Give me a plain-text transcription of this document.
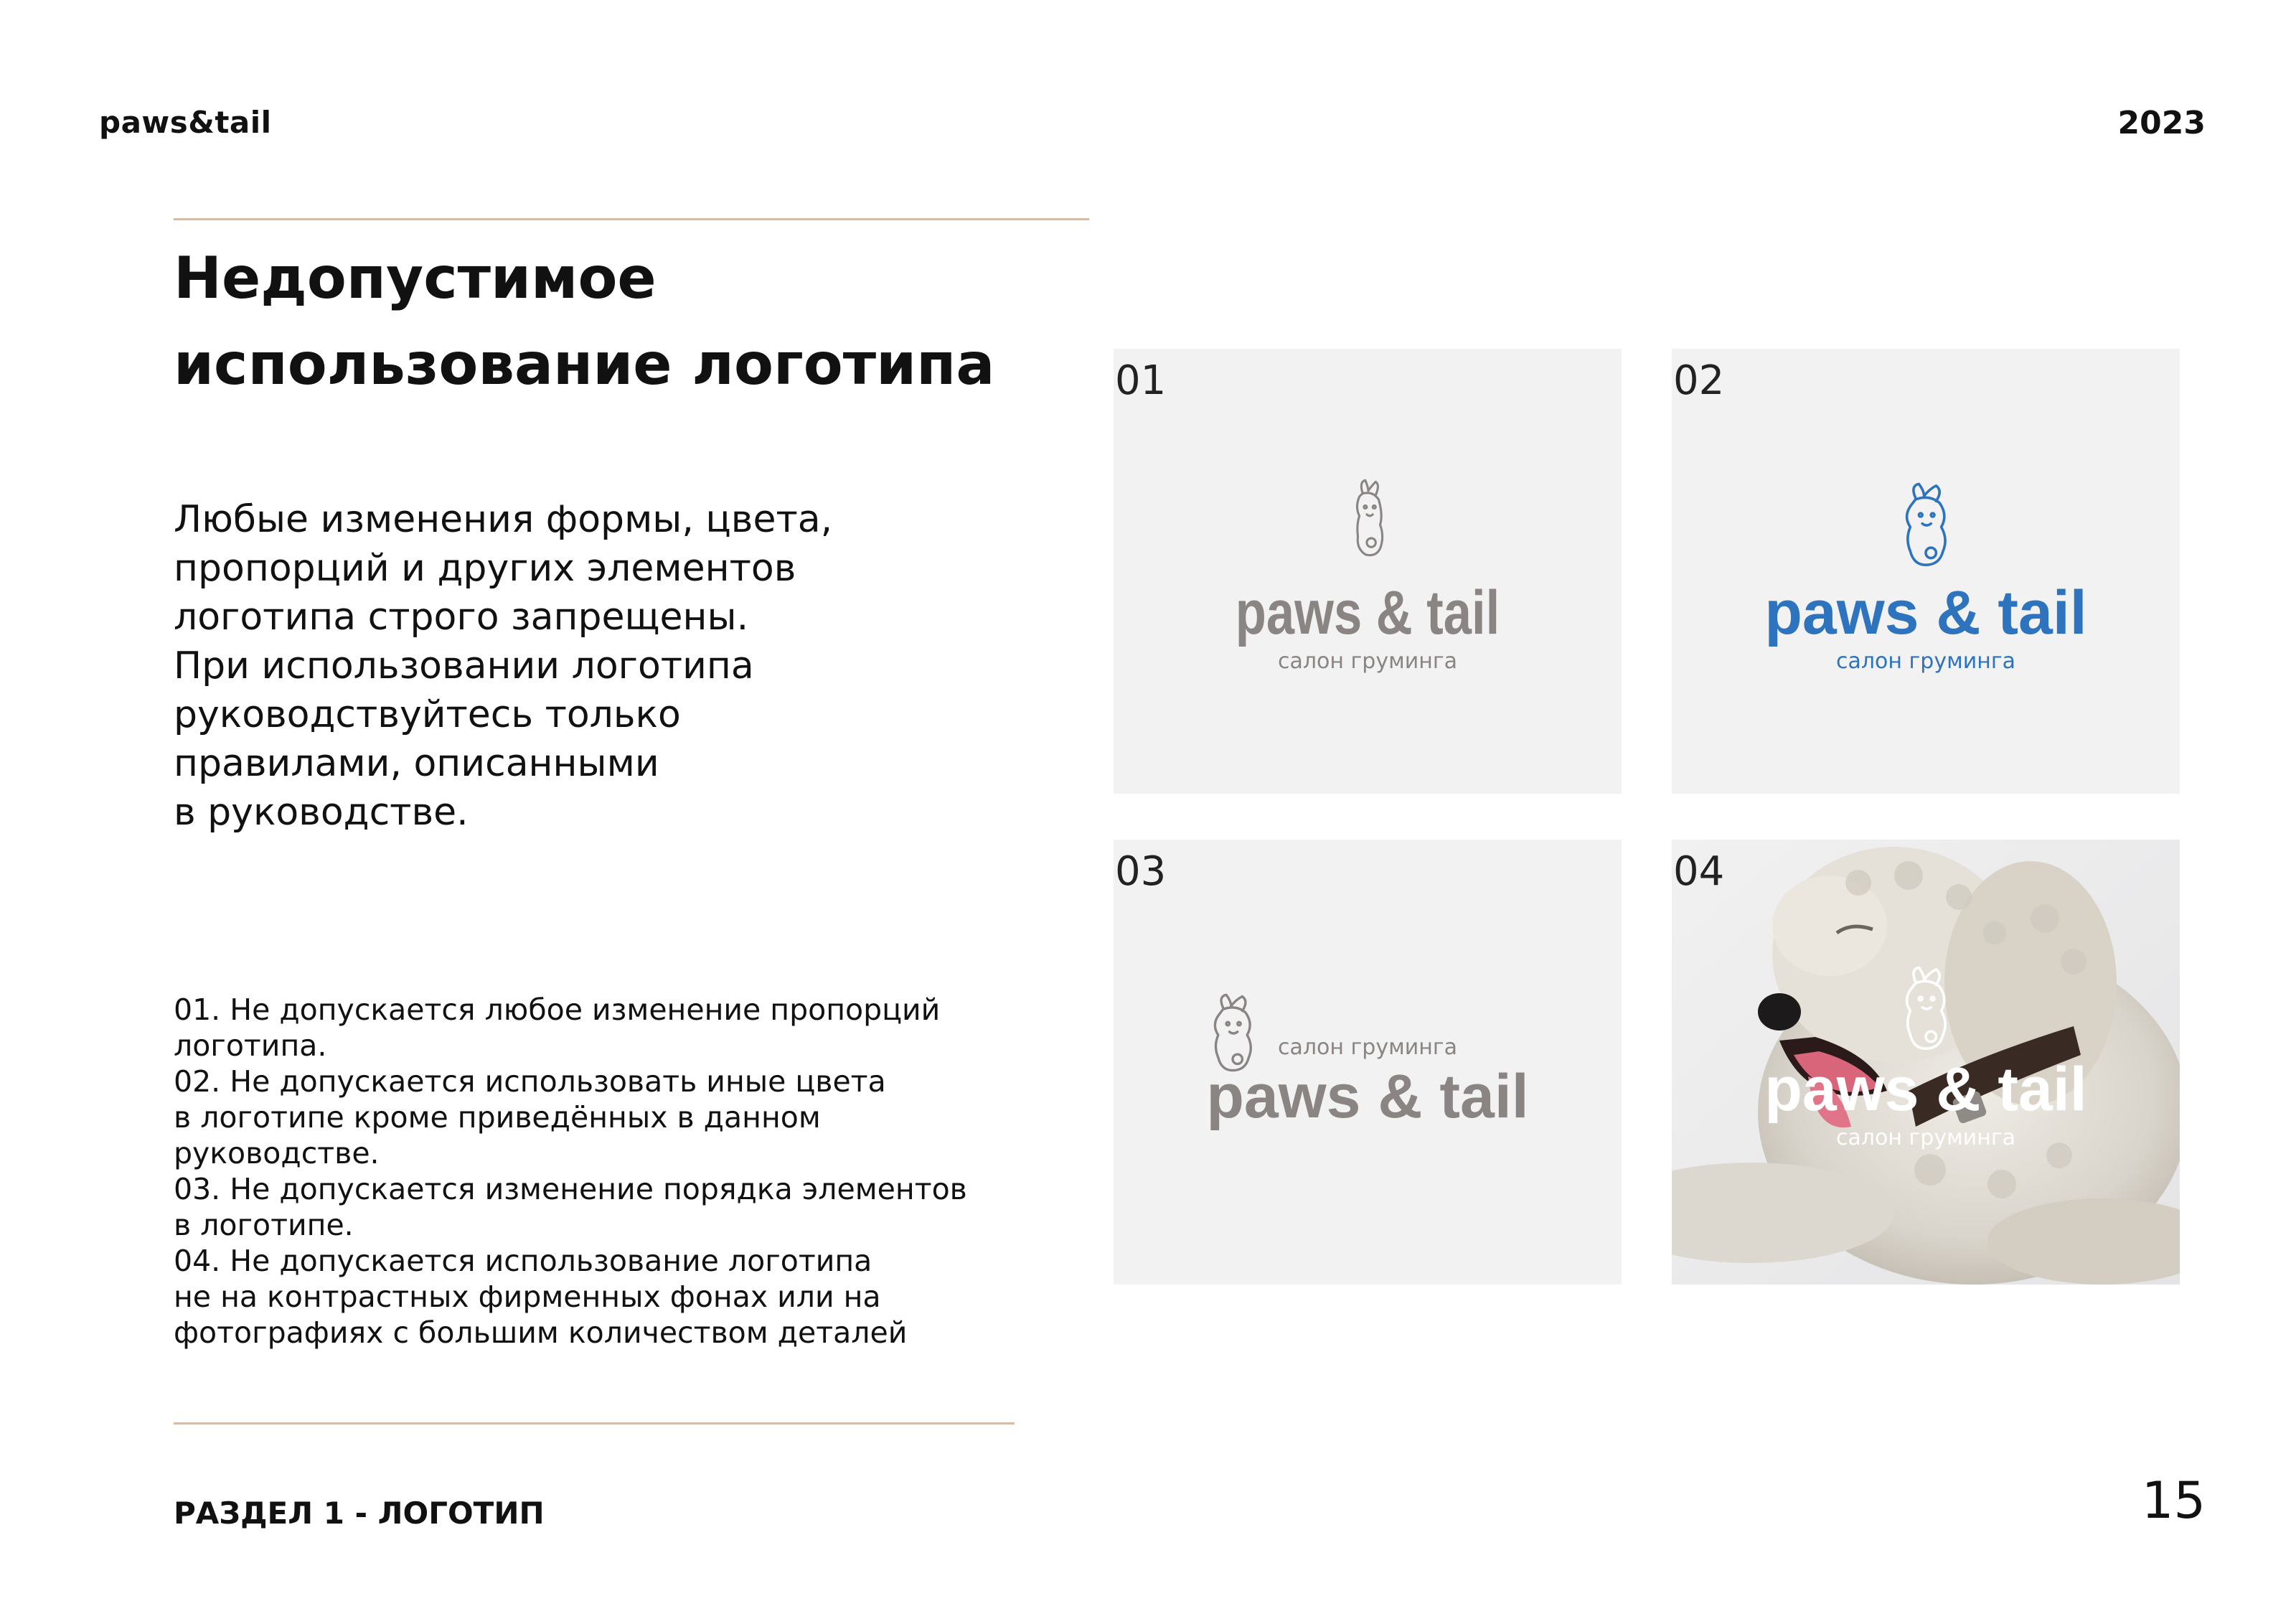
paws&tail	2023
Недопустимое использование логотипа
Любые изменения формы, цвета,
пропорций и других элементов
логотипа строго запрещены.
При использовании логотипа
руководствуйтесь только
правилами, описанными
в руководстве.
01. Не допускается любое изменение пропорций
логотипа.
02. Не допускается использовать иные цвета
в логотипе кроме приведённых в данном
руководстве.
03. Не допускается изменение порядка элементов
в логотипе.
04. Не допускается использование логотипа
не на контрастных фирменных фонах или на
фотографиях с большим количеством деталей
РАЗДЕЛ 1 - ЛОГОТИП	15
01
paws & tail
салон груминга
02
paws & tail
салон груминга
03
салон груминга
paws & tail
04
paws & tail
салон груминга
